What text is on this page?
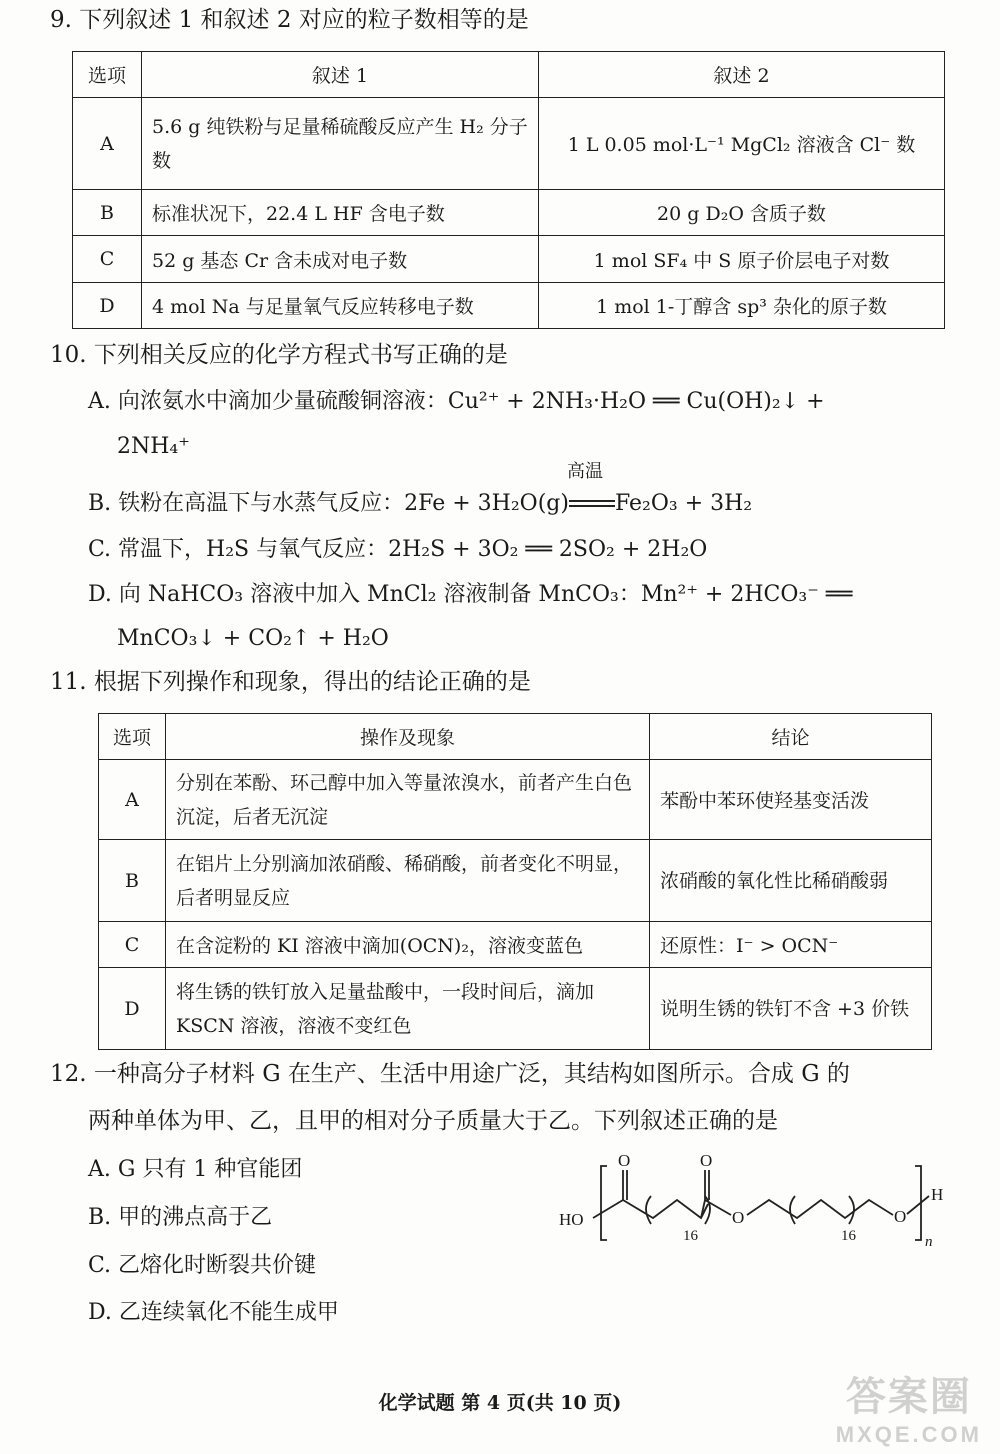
9. 下列叙述 1 和叙述 2 对应的粒子数相等的是
选项	叙述 1	叙述 2
A	5.6 g 纯铁粉与足量稀硫酸反应产生 H₂ 分子数	1 L 0.05 mol·L⁻¹ MgCl₂ 溶液含 Cl⁻ 数
B	标准状况下，22.4 L HF 含电子数	20 g D₂O 含质子数
C	52 g 基态 Cr 含未成对电子数	1 mol SF₄ 中 S 原子价层电子对数
D	4 mol Na 与足量氧气反应转移电子数	1 mol 1-丁醇含 sp³ 杂化的原子数
10. 下列相关反应的化学方程式书写正确的是
A. 向浓氨水中滴加少量硫酸铜溶液：Cu²⁺ + 2NH₃·H₂O ══ Cu(OH)₂↓ +
2NH₄⁺
B. 铁粉在高温下与水蒸气反应：2Fe + 3H₂O(g)
高温
Fe₂O₃ + 3H₂
C. 常温下，H₂S 与氧气反应：2H₂S + 3O₂ ══ 2SO₂ + 2H₂O
D. 向 NaHCO₃ 溶液中加入 MnCl₂ 溶液制备 MnCO₃：Mn²⁺ + 2HCO₃⁻ ══
MnCO₃↓ + CO₂↑ + H₂O
11. 根据下列操作和现象，得出的结论正确的是
选项	操作及现象	结论
A	分别在苯酚、环己醇中加入等量浓溴水，前者产生白色沉淀，后者无沉淀	苯酚中苯环使羟基变活泼
B	在铝片上分别滴加浓硝酸、稀硝酸，前者变化不明显，后者明显反应	浓硝酸的氧化性比稀硝酸弱
C	在含淀粉的 KI 溶液中滴加(OCN)₂，溶液变蓝色	还原性：I⁻ > OCN⁻
D	将生锈的铁钉放入足量盐酸中，一段时间后，滴加 KSCN 溶液，溶液不变红色	说明生锈的铁钉不含 +3 价铁
12. 一种高分子材料 G 在生产、生活中用途广泛，其结构如图所示。合成 G 的
两种单体为甲、乙，且甲的相对分子质量大于乙。下列叙述正确的是
A. G 只有 1 种官能团
B. 甲的沸点高于乙
C. 乙熔化时断裂共价键
D. 乙连续氧化不能生成甲
HO
O	O
O	O
16	16
H
n
化学试题 第 4 页(共 10 页)	答案圈
MXQE.COM
